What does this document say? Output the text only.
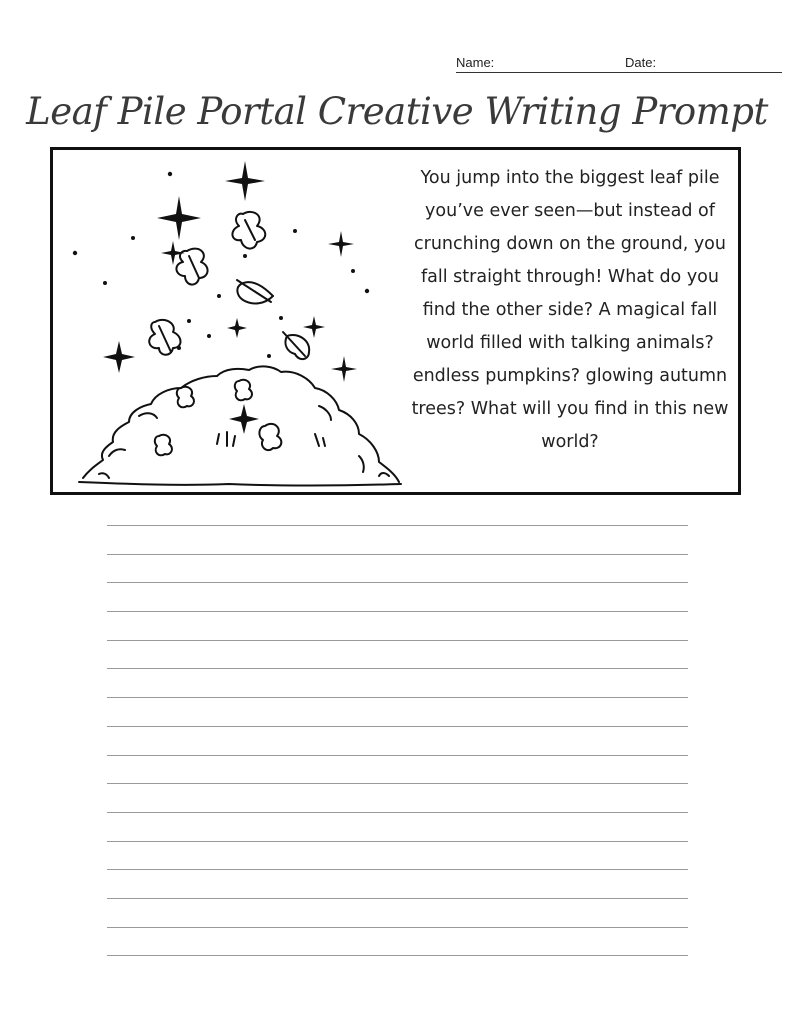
Name:	Date:
Leaf Pile Portal Creative Writing Prompt
You jump into the biggest leaf pile you’ve ever seen—but instead of crunching down on the ground, you fall straight through! What do you find the other side? A magical fall world filled with talking animals? endless pumpkins? glowing autumn trees? What will you find in this new world?
